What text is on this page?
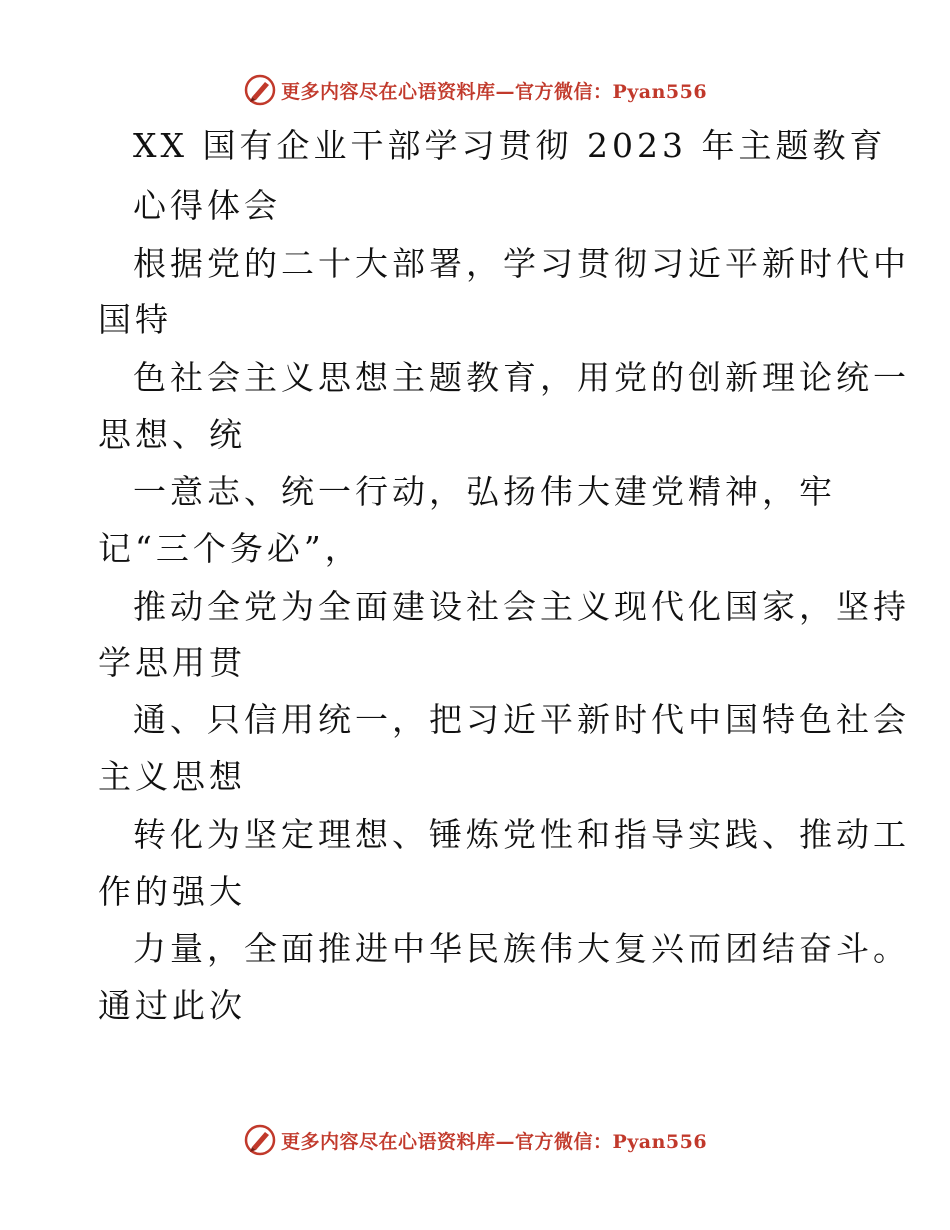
更多内容尽在心语资料库—官方微信：Pyan556
XX 国有企业干部学习贯彻 2023 年主题教育
心得体会
根据党的二十大部署，学习贯彻习近平新时代中
国特
色社会主义思想主题教育，用党的创新理论统一
思想、统
一意志、统一行动，弘扬伟大建党精神，牢
记“三个务必”，
推动全党为全面建设社会主义现代化国家，坚持
学思用贯
通、只信用统一，把习近平新时代中国特色社会
主义思想
转化为坚定理想、锤炼党性和指导实践、推动工
作的强大
力量，全面推进中华民族伟大复兴而团结奋斗。
通过此次
更多内容尽在心语资料库—官方微信：Pyan556
